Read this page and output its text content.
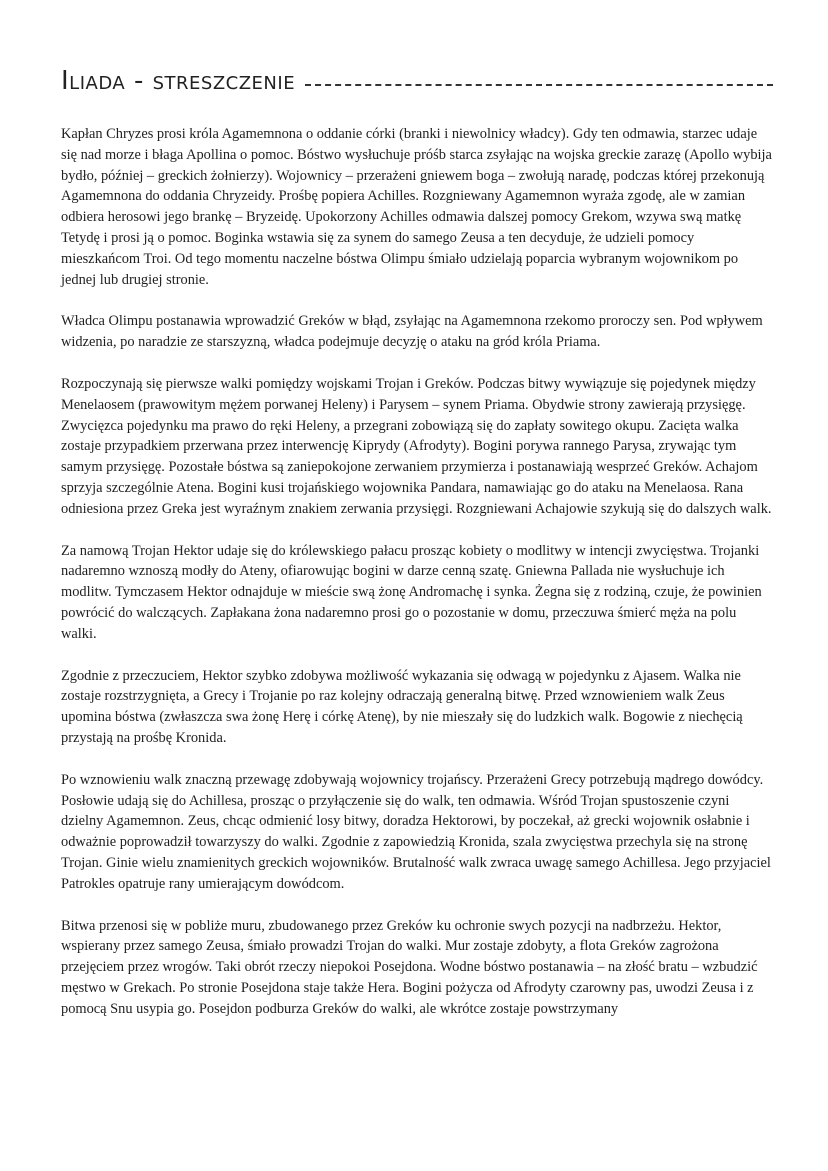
Iliada - streszczenie

Kapłan Chryzes prosi króla Agamemnona o oddanie córki (branki i niewolnicy władcy). Gdy ten odmawia, starzec udaje się nad morze i błaga Apollina o pomoc. Bóstwo wysłuchuje próśb starca zsyłając na wojska greckie zarazę (Apollo wybija bydło, później – greckich żołnierzy). Wojownicy – przerażeni gniewem boga – zwołują naradę, podczas której przekonują Agamemnona do oddania Chryzeidy. Prośbę popiera Achilles. Rozgniewany Agamemnon wyraża zgodę, ale w zamian odbiera herosowi jego brankę – Bryzeidę. Upokorzony Achilles odmawia dalszej pomocy Grekom, wzywa swą matkę Tetydę i prosi ją o pomoc. Boginka wstawia się za synem do samego Zeusa a ten decyduje, że udzieli pomocy mieszkańcom Troi. Od tego momentu naczelne bóstwa Olimpu śmiało udzielają poparcia wybranym wojownikom po jednej lub drugiej stronie.

Władca Olimpu postanawia wprowadzić Greków w błąd, zsyłając na Agamemnona rzekomo proroczy sen. Pod wpływem widzenia, po naradzie ze starszyzną, władca podejmuje decyzję o ataku na gród króla Priama.

Rozpoczynają się pierwsze walki pomiędzy wojskami Trojan i Greków. Podczas bitwy wywiązuje się pojedynek między Menelaosem (prawowitym mężem porwanej Heleny) i Parysem – synem Priama. Obydwie strony zawierają przysięgę. Zwycięzca pojedynku ma prawo do ręki Heleny, a przegrani zobowiązą się do zapłaty sowitego okupu. Zacięta walka zostaje przypadkiem przerwana przez interwencję Kiprydy (Afrodyty). Bogini porywa rannego Parysa, zrywając tym samym przysięgę. Pozostałe bóstwa są zaniepokojone zerwaniem przymierza i postanawiają wesprzeć Greków. Achajom sprzyja szczególnie Atena. Bogini kusi trojańskiego wojownika Pandara, namawiając go do ataku na Menelaosa. Rana odniesiona przez Greka jest wyraźnym znakiem zerwania przysięgi. Rozgniewani Achajowie szykują się do dalszych walk.

Za namową Trojan Hektor udaje się do królewskiego pałacu prosząc kobiety o modlitwy w intencji zwycięstwa. Trojanki nadaremno wznoszą modły do Ateny, ofiarowując bogini w darze cenną szatę. Gniewna Pallada nie wysłuchuje ich modlitw. Tymczasem Hektor odnajduje w mieście swą żonę Andromachę i synka. Żegna się z rodziną, czuje, że powinien powrócić do walczących. Zapłakana żona nadaremno prosi go o pozostanie w domu, przeczuwa śmierć męża na polu walki.

Zgodnie z przeczuciem, Hektor szybko zdobywa możliwość wykazania się odwagą w pojedynku z Ajasem. Walka nie zostaje rozstrzygnięta, a Grecy i Trojanie po raz kolejny odraczają generalną bitwę. Przed wznowieniem walk Zeus upomina bóstwa (zwłaszcza swa żonę Herę i córkę Atenę), by nie mieszały się do ludzkich walk. Bogowie z niechęcią przystają na prośbę Kronida.

Po wznowieniu walk znaczną przewagę zdobywają wojownicy trojańscy. Przerażeni Grecy potrzebują mądrego dowódcy. Posłowie udają się do Achillesa, prosząc o przyłączenie się do walk, ten odmawia. Wśród Trojan spustoszenie czyni dzielny Agamemnon. Zeus, chcąc odmienić losy bitwy, doradza Hektorowi, by poczekał, aż grecki wojownik osłabnie i odważnie poprowadził towarzyszy do walki. Zgodnie z zapowiedzią Kronida, szala zwycięstwa przechyla się na stronę Trojan. Ginie wielu znamienitych greckich wojowników. Brutalność walk zwraca uwagę samego Achillesa. Jego przyjaciel Patrokles opatruje rany umierającym dowódcom.

Bitwa przenosi się w pobliże muru, zbudowanego przez Greków ku ochronie swych pozycji na nadbrzeżu. Hektor, wspierany przez samego Zeusa, śmiało prowadzi Trojan do walki. Mur zostaje zdobyty, a flota Greków zagrożona przejęciem przez wrogów. Taki obrót rzeczy niepokoi Posejdona. Wodne bóstwo postanawia – na złość bratu – wzbudzić męstwo w Grekach. Po stronie Posejdona staje także Hera. Bogini pożycza od Afrodyty czarowny pas, uwodzi Zeusa i z pomocą Snu usypia go. Posejdon podburza Greków do walki, ale wkrótce zostaje powstrzymany
